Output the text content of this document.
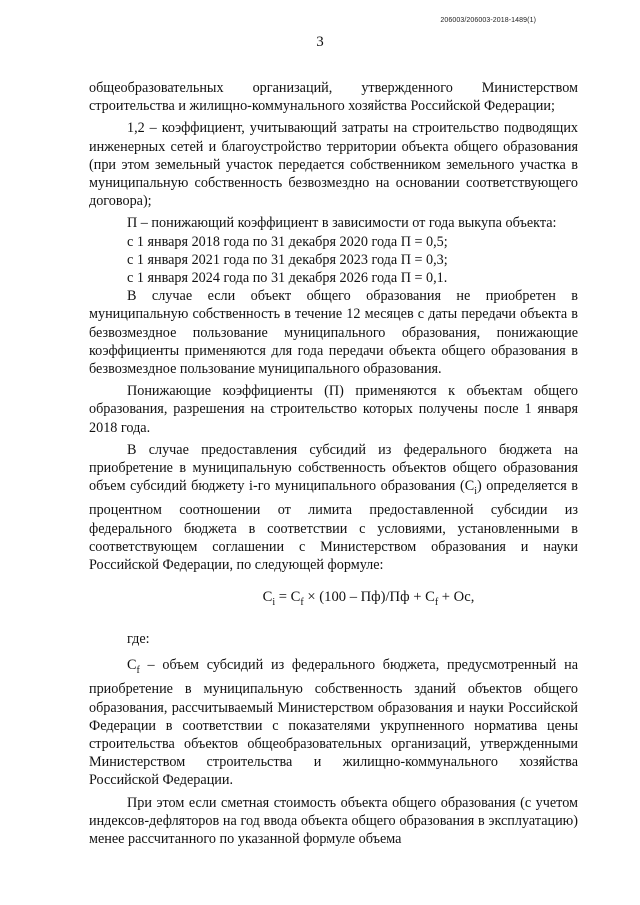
206003/206003-2018-1489(1)
3

общеобразовательных организаций, утвержденного Министерством строительства и жилищно-коммунального хозяйства Российской Федерации;

1,2 – коэффициент, учитывающий затраты на строительство подводящих инженерных сетей и благоустройство территории объекта общего образования (при этом земельный участок передается собственником земельного участка в муниципальную собственность безвозмездно на основании соответствующего договора);

П – понижающий коэффициент в зависимости от года выкупа объекта:

с 1 января 2018 года по 31 декабря 2020 года П = 0,5;

с 1 января 2021 года по 31 декабря 2023 года П = 0,3;

с 1 января 2024 года по 31 декабря 2026 года П = 0,1.

В случае если объект общего образования не приобретен в муниципальную собственность в течение 12 месяцев с даты передачи объекта в безвозмездное пользование муниципального образования, понижающие коэффициенты применяются для года передачи объекта общего образования в безвозмездное пользование муниципального образования.

Понижающие коэффициенты (П) применяются к объектам общего образования, разрешения на строительство которых получены после 1 января 2018 года.

В случае предоставления субсидий из федерального бюджета на приобретение в муниципальную собственность объектов общего образования объем субсидий бюджету i-го муниципального образования $(C_i)$ определяется в процентном соотношении от лимита предоставленной субсидии из федерального бюджета в соответствии с условиями, установленными в соответствующем соглашении с Министерством образования и науки Российской Федерации, по следующей формуле:

$C_i = C_f \times (100 - Пф)/Пф + C_f + Oc$,

где:

$C_f$ – объем субсидий из федерального бюджета, предусмотренный на приобретение в муниципальную собственность зданий объектов общего образования, рассчитываемый Министерством образования и науки Российской Федерации в соответствии с показателями укрупненного норматива цены строительства объектов общеобразовательных организаций, утвержденными Министерством строительства и жилищно-коммунального хозяйства Российской Федерации.

При этом если сметная стоимость объекта общего образования (с учетом индексов-дефляторов на год ввода объекта общего образования в эксплуатацию) менее рассчитанного по указанной формуле объема
